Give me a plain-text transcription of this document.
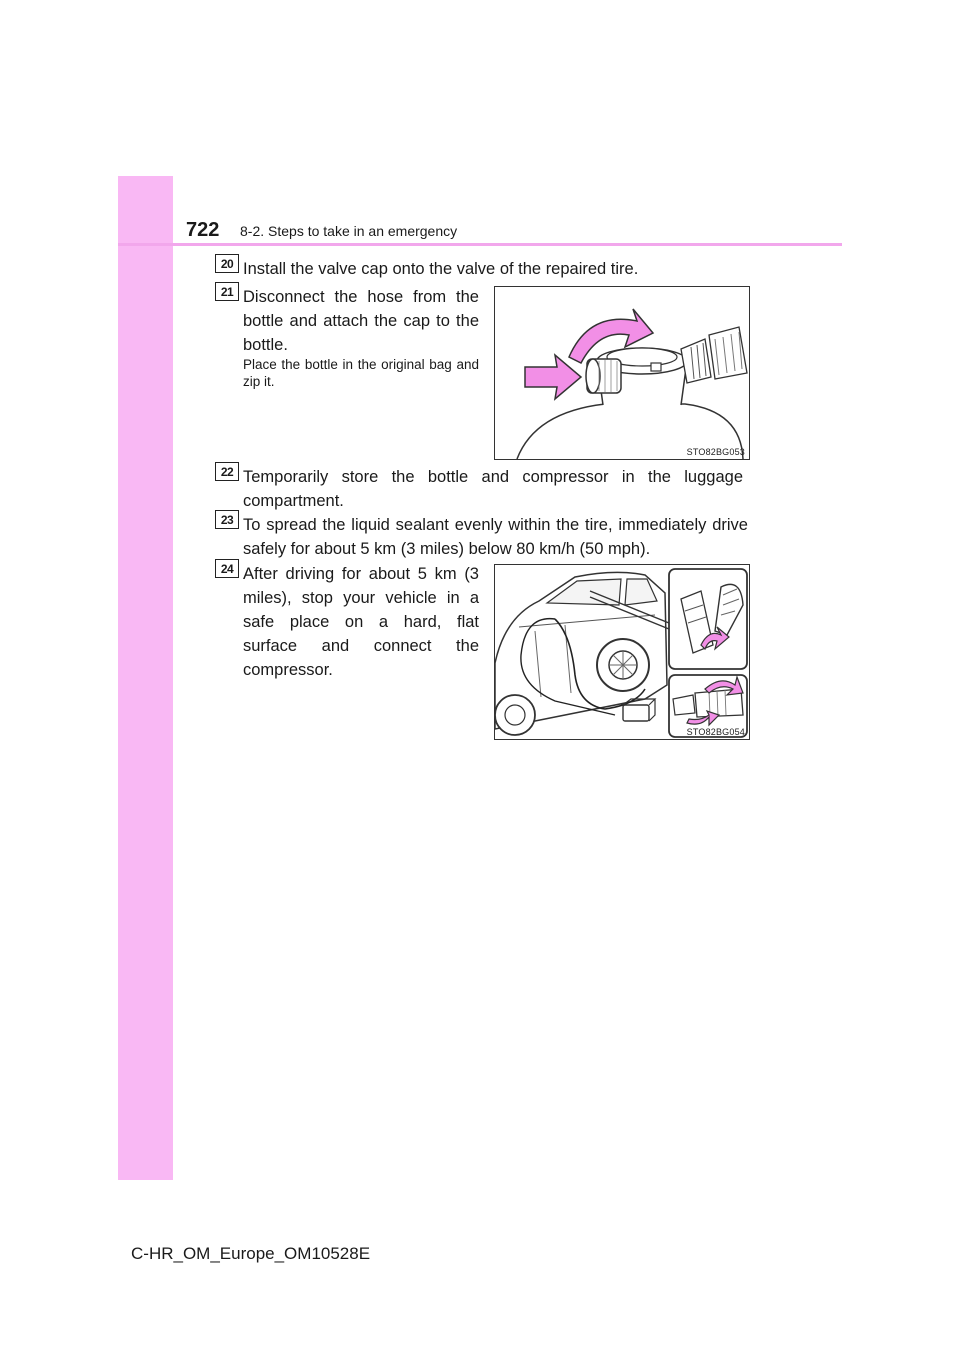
722 8-2. Steps to take in an emergency
20 Install the valve cap onto the valve of the repaired tire.
21 Disconnect the hose from the bottle and attach the cap to the bottle.
Place the bottle in the original bag and zip it.
STO82BG053
22 Temporarily store the bottle and compressor in the luggage compartment.
23 To spread the liquid sealant evenly within the tire, immediately drive safely for about 5 km (3 miles) below 80 km/h (50 mph).
24 After driving for about 5 km (3 miles), stop your vehicle in a safe place on a hard, flat surface and connect the compressor.
STO82BG054
C-HR_OM_Europe_OM10528E
